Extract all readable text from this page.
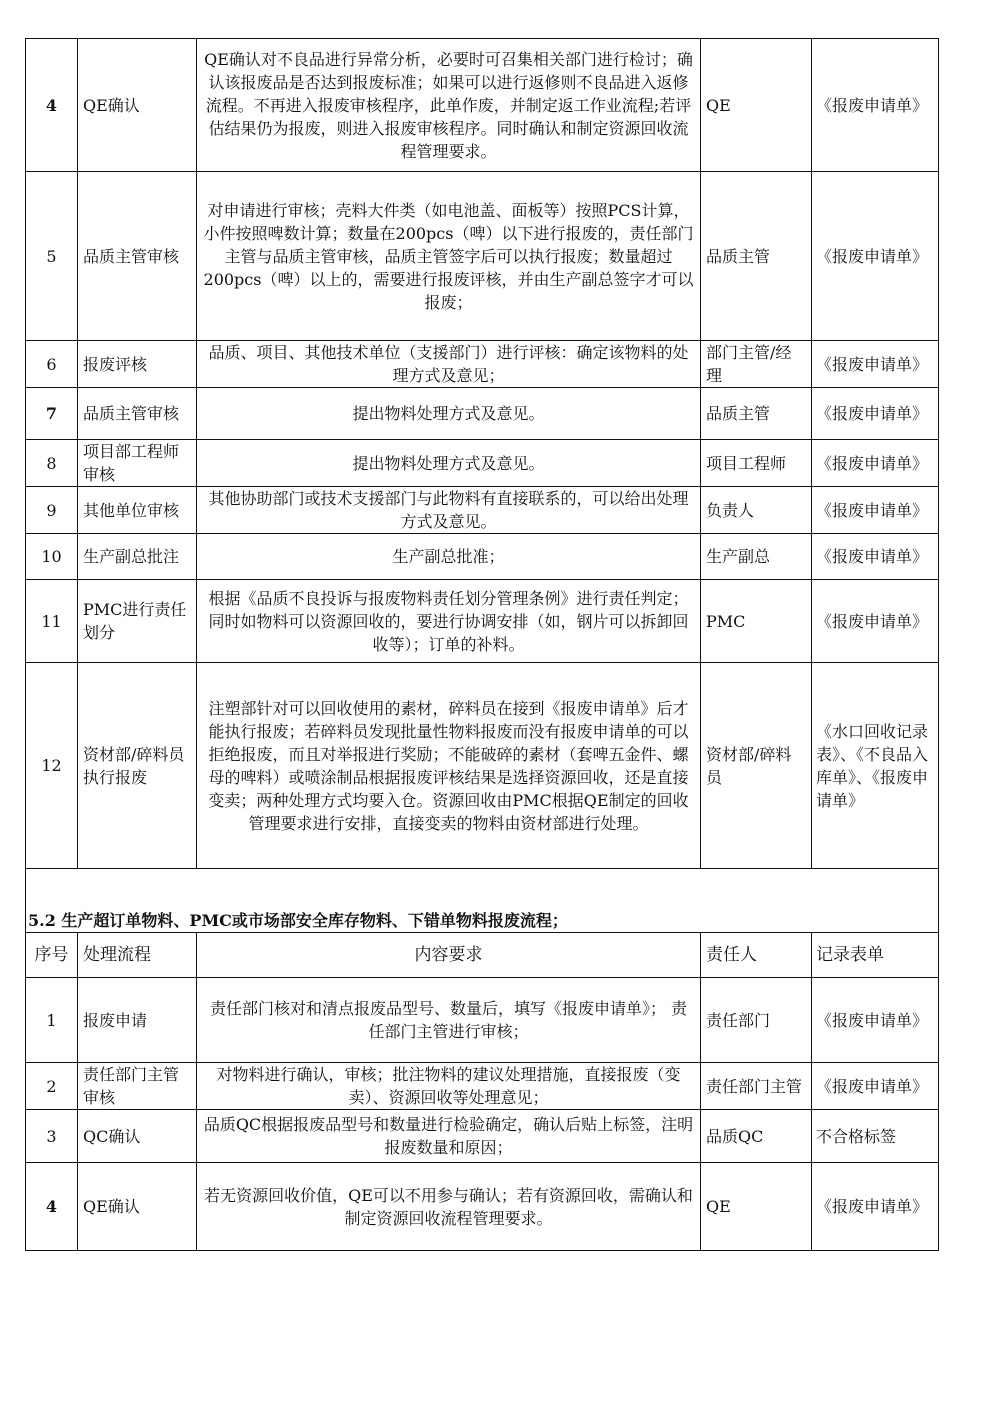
4	QE确认	QE确认对不良品进行异常分析，必要时可召集相关部门进行检讨；确认该报废品是否达到报废标准；如果可以进行返修则不良品进入返修流程。不再进入报废审核程序，此单作废，并制定返工作业流程;若评估结果仍为报废，则进入报废审核程序。同时确认和制定资源回收流程管理要求。	QE	《报废申请单》
5	品质主管审核	对申请进行审核；壳料大件类（如电池盖、面板等）按照PCS计算，小件按照啤数计算；数量在200pcs（啤）以下进行报废的，责任部门主管与品质主管审核，品质主管签字后可以执行报废；数量超过200pcs（啤）以上的，需要进行报废评核，并由生产副总签字才可以报废；	品质主管	《报废申请单》
6	报废评核	品质、项目、其他技术单位（支援部门）进行评核：确定该物料的处理方式及意见；	部门主管/经理	《报废申请单》
7	品质主管审核	提出物料处理方式及意见。	品质主管	《报废申请单》
8	项目部工程师审核	提出物料处理方式及意见。	项目工程师	《报废申请单》
9	其他单位审核	其他协助部门或技术支援部门与此物料有直接联系的，可以给出处理方式及意见。	负责人	《报废申请单》
10	生产副总批注	生产副总批准；	生产副总	《报废申请单》
11	PMC进行责任划分	根据《品质不良投诉与报废物料责任划分管理条例》进行责任判定；同时如物料可以资源回收的，要进行协调安排（如，钢片可以拆卸回收等）；订单的补料。	PMC	《报废申请单》
12	资材部/碎料员执行报废	注塑部针对可以回收使用的素材，碎料员在接到《报废申请单》后才能执行报废；若碎料员发现批量性物料报废而没有报废申请单的可以拒绝报废，而且对举报进行奖励；不能破碎的素材（套啤五金件、螺母的啤料）或喷涂制品根据报废评核结果是选择资源回收，还是直接变卖；两种处理方式均要入仓。资源回收由PMC根据QE制定的回收管理要求进行安排，直接变卖的物料由资材部进行处理。	资材部/碎料员	《水口回收记录表》、《不良品入库单》、《报废申请单》
5.2 生产超订单物料、PMC或市场部安全库存物料、下错单物料报废流程；				
序号	处理流程	内容要求	责任人	记录表单
1	报废申请	责任部门核对和清点报废品型号、数量后，填写《报废申请单》； 责任部门主管进行审核；	责任部门	《报废申请单》
2	责任部门主管审核	对物料进行确认，审核；批注物料的建议处理措施，直接报废（变卖）、资源回收等处理意见；	责任部门主管	《报废申请单》
3	QC确认	品质QC根据报废品型号和数量进行检验确定，确认后贴上标签，注明报废数量和原因；	品质QC	不合格标签
4	QE确认	若无资源回收价值，QE可以不用参与确认；若有资源回收，需确认和制定资源回收流程管理要求。	QE	《报废申请单》
